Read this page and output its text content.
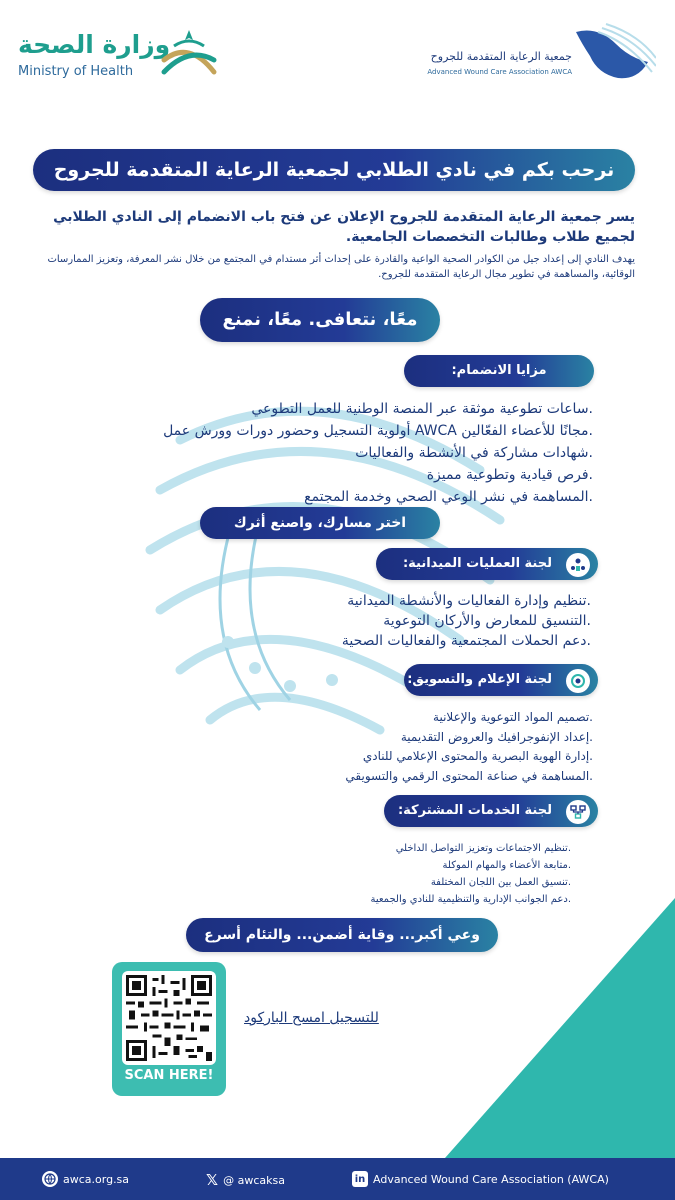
وزارة الصحة
Ministry of Health
جمعية الرعاية المتقدمة للجروح
Advanced Wound Care Association AWCA
نرحب بكم في نادي الطلابي لجمعية الرعاية المتقدمة للجروح

يسر جمعية الرعاية المتقدمة للجروح الإعلان عن فتح باب الانضمام إلى النادي الطلابي لجميع طلاب وطالبات التخصصات الجامعية.

يهدف النادي إلى إعداد جيل من الكوادر الصحية الواعية والقادرة على إحداث أثر مستدام في المجتمع من خلال نشر المعرفة، وتعزيز الممارسات الوقائية، والمساهمة في تطوير مجال الرعاية المتقدمة للجروح.

معًا، نتعافى. معًا، نمنع
مزايا الانضمام:
.ساعات تطوعية موثقة عبر المنصة الوطنية للعمل التطوعي
.مجانًا للأعضاء الفعّالين AWCA أولوية التسجيل وحضور دورات وورش عمل
.شهادات مشاركة في الأنشطة والفعاليات
.فرص قيادية وتطوعية مميزة
.المساهمة في نشر الوعي الصحي وخدمة المجتمع
اختر مسارك، واصنع أثرك
لجنة العمليات الميدانية:
.تنظيم وإدارة الفعاليات والأنشطة الميدانية
.التنسيق للمعارض والأركان التوعوية
.دعم الحملات المجتمعية والفعاليات الصحية
لجنة الإعلام والتسويق:
.تصميم المواد التوعوية والإعلانية
.إعداد الإنفوجرافيك والعروض التقديمية
.إدارة الهوية البصرية والمحتوى الإعلامي للنادي
.المساهمة في صناعة المحتوى الرقمي والتسويقي
لجنة الخدمات المشتركة:
.تنظيم الاجتماعات وتعزيز التواصل الداخلي
.متابعة الأعضاء والمهام الموكلة
.تنسيق العمل بين اللجان المختلفة
.دعم الجوانب الإدارية والتنظيمية للنادي والجمعية
وعي أكبر... وقاية أضمن... والتئام أسرع
SCAN HERE!
للتسجيل امسح الباركود
awca.org.sa	𝕏 @ awcaksa	in Advanced Wound Care Association (AWCA)
